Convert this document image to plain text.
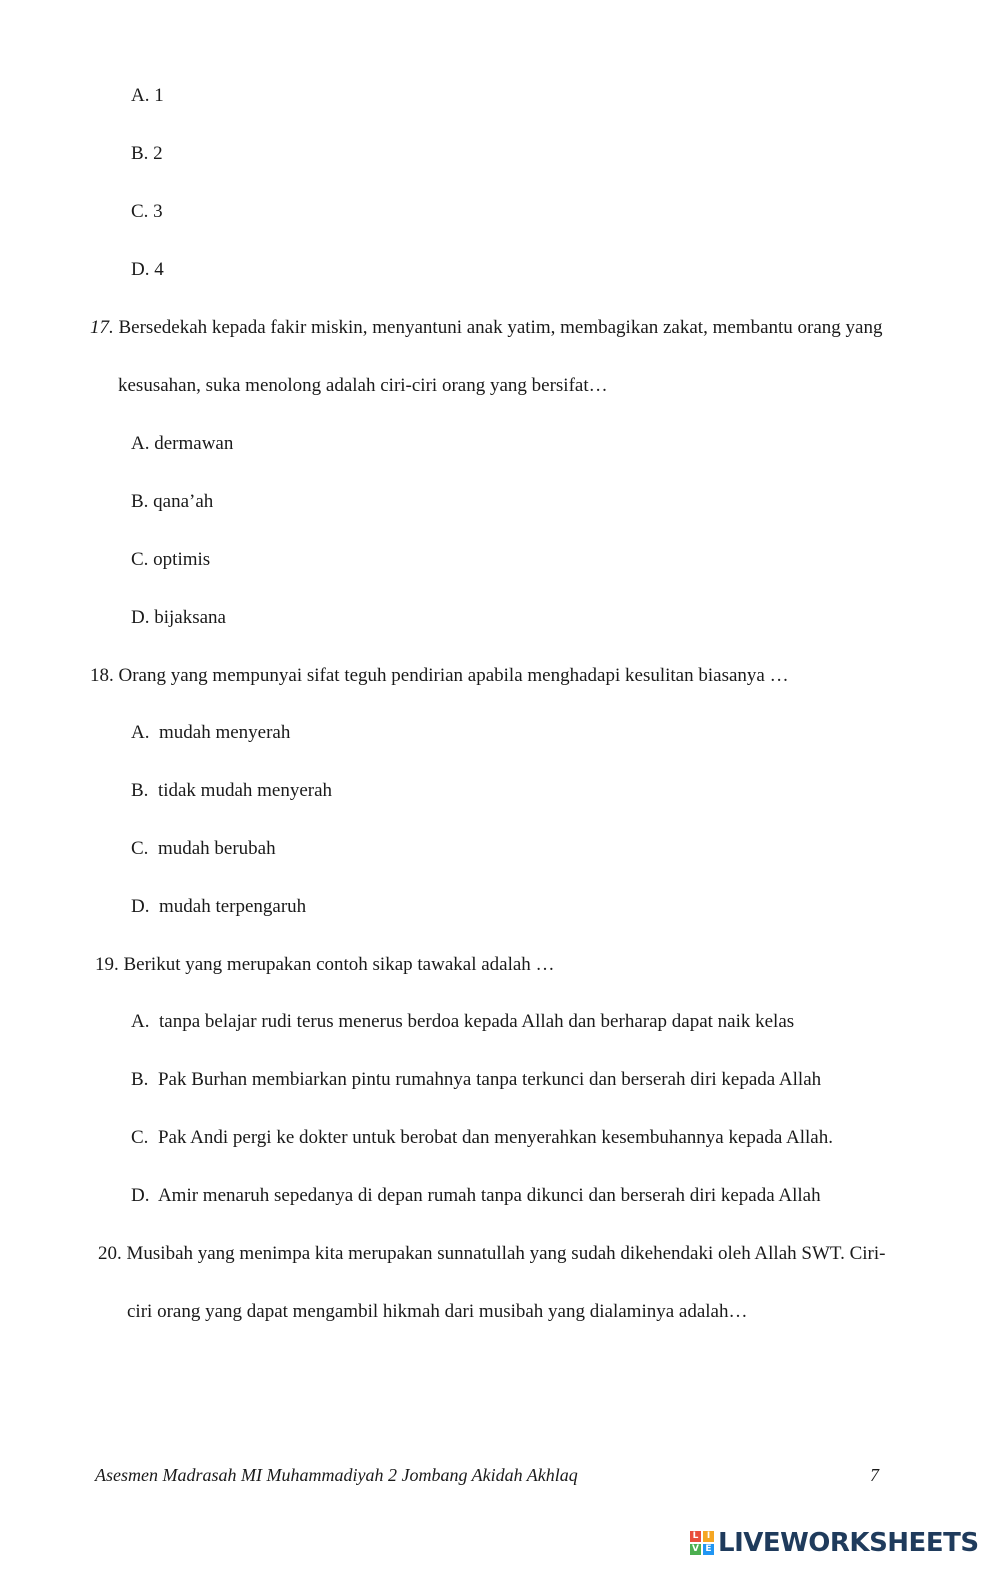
A. 1
B. 2
C. 3
D. 4
17. Bersedekah kepada fakir miskin, menyantuni anak yatim, membagikan zakat, membantu orang yang
kesusahan, suka menolong adalah ciri-ciri orang yang bersifat…
A. dermawan
B. qana’ah
C. optimis
D. bijaksana
18. Orang yang mempunyai sifat teguh pendirian apabila menghadapi kesulitan biasanya …
A. mudah menyerah
B. tidak mudah menyerah
C. mudah berubah
D. mudah terpengaruh
19. Berikut yang merupakan contoh sikap tawakal adalah …
A. tanpa belajar rudi terus menerus berdoa kepada Allah dan berharap dapat naik kelas
B. Pak Burhan membiarkan pintu rumahnya tanpa terkunci dan berserah diri kepada Allah
C. Pak Andi pergi ke dokter untuk berobat dan menyerahkan kesembuhannya kepada Allah.
D. Amir menaruh sepedanya di depan rumah tanpa dikunci dan berserah diri kepada Allah
20. Musibah yang menimpa kita merupakan sunnatullah yang sudah dikehendaki oleh Allah SWT. Ciri-
ciri orang yang dapat mengambil hikmah dari musibah yang dialaminya adalah…
Asesmen Madrasah MI Muhammadiyah 2 Jombang Akidah Akhlaq	7
L I
V E LIVEWORKSHEETS
